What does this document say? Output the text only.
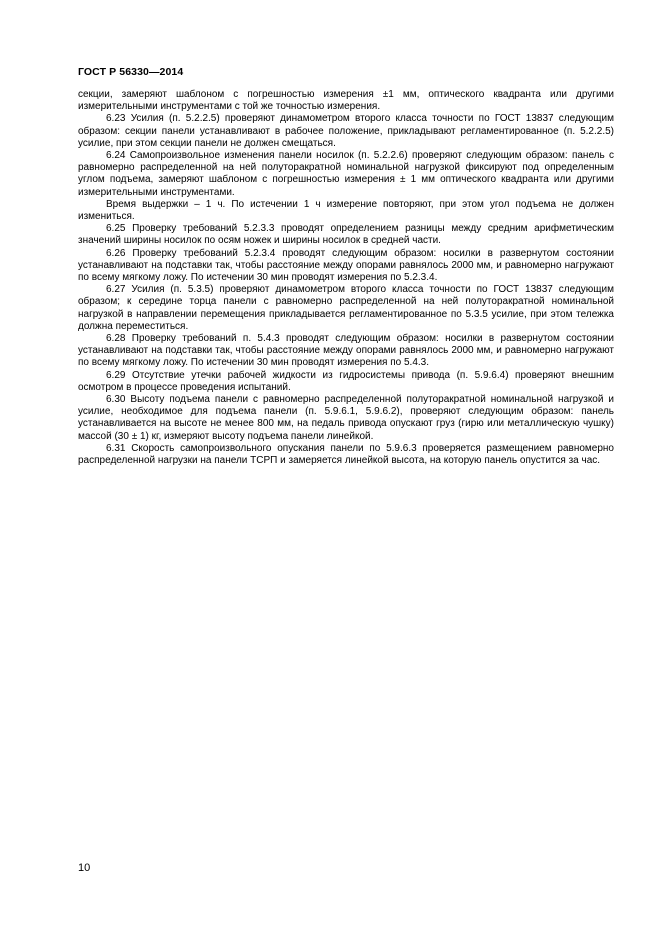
ГОСТ Р 56330—2014

секции, замеряют шаблоном с погрешностью измерения ±1 мм, оптического квадранта или другими измерительными инструментами с той же точностью измерения.

6.23 Усилия (п. 5.2.2.5) проверяют динамометром второго класса точности по ГОСТ 13837 следующим образом: секции панели устанавливают в рабочее положение, прикладывают регламентированное (п. 5.2.2.5) усилие, при этом секции панели не должен смещаться.

6.24 Самопроизвольное изменения панели носилок (п. 5.2.2.6) проверяют следующим образом: панель с равномерно распределенной на ней полуторакратной номинальной нагрузкой фиксируют под определенным углом подъема, замеряют шаблоном с погрешностью измерения ± 1 мм оптического квадранта или другими измерительными инструментами.

Время выдержки – 1 ч. По истечении 1 ч измерение повторяют, при этом угол подъема не должен измениться.

6.25 Проверку требований 5.2.3.3 проводят определением разницы между средним арифметическим значений ширины носилок по осям ножек и ширины носилок в средней части.

6.26 Проверку требований 5.2.3.4 проводят следующим образом: носилки в развернутом состоянии устанавливают на подставки так, чтобы расстояние между опорами равнялось 2000 мм, и равномерно нагружают по всему мягкому ложу. По истечении 30 мин проводят измерения по 5.2.3.4.

6.27 Усилия (п. 5.3.5) проверяют динамометром второго класса точности по ГОСТ 13837 следующим образом; к середине торца панели с равномерно распределенной на ней полуторакратной номинальной нагрузкой в направлении перемещения прикладывается регламентированное по 5.3.5 усилие, при этом тележка должна переместиться.

6.28 Проверку требований п. 5.4.3 проводят следующим образом: носилки в развернутом состоянии устанавливают на подставки так, чтобы расстояние между опорами равнялось 2000 мм, и равномерно нагружают по всему мягкому ложу. По истечении 30 мин проводят измерения по 5.4.3.

6.29 Отсутствие утечки рабочей жидкости из гидросистемы привода (п. 5.9.6.4) проверяют внешним осмотром в процессе проведения испытаний.

6.30 Высоту подъема панели с равномерно распределенной полуторакратной номинальной нагрузкой и усилие, необходимое для подъема панели (п. 5.9.6.1, 5.9.6.2), проверяют следующим образом: панель устанавливается на высоте не менее 800 мм, на педаль привода опускают груз (гирю или металлическую чушку) массой (30 ± 1) кг, измеряют высоту подъема панели линейкой.

6.31 Скорость самопроизвольного опускания панели по 5.9.6.3 проверяется размещением равномерно распределенной нагрузки на панели ТСРП и замеряется линейкой высота, на которую панель опустится за час.

10
